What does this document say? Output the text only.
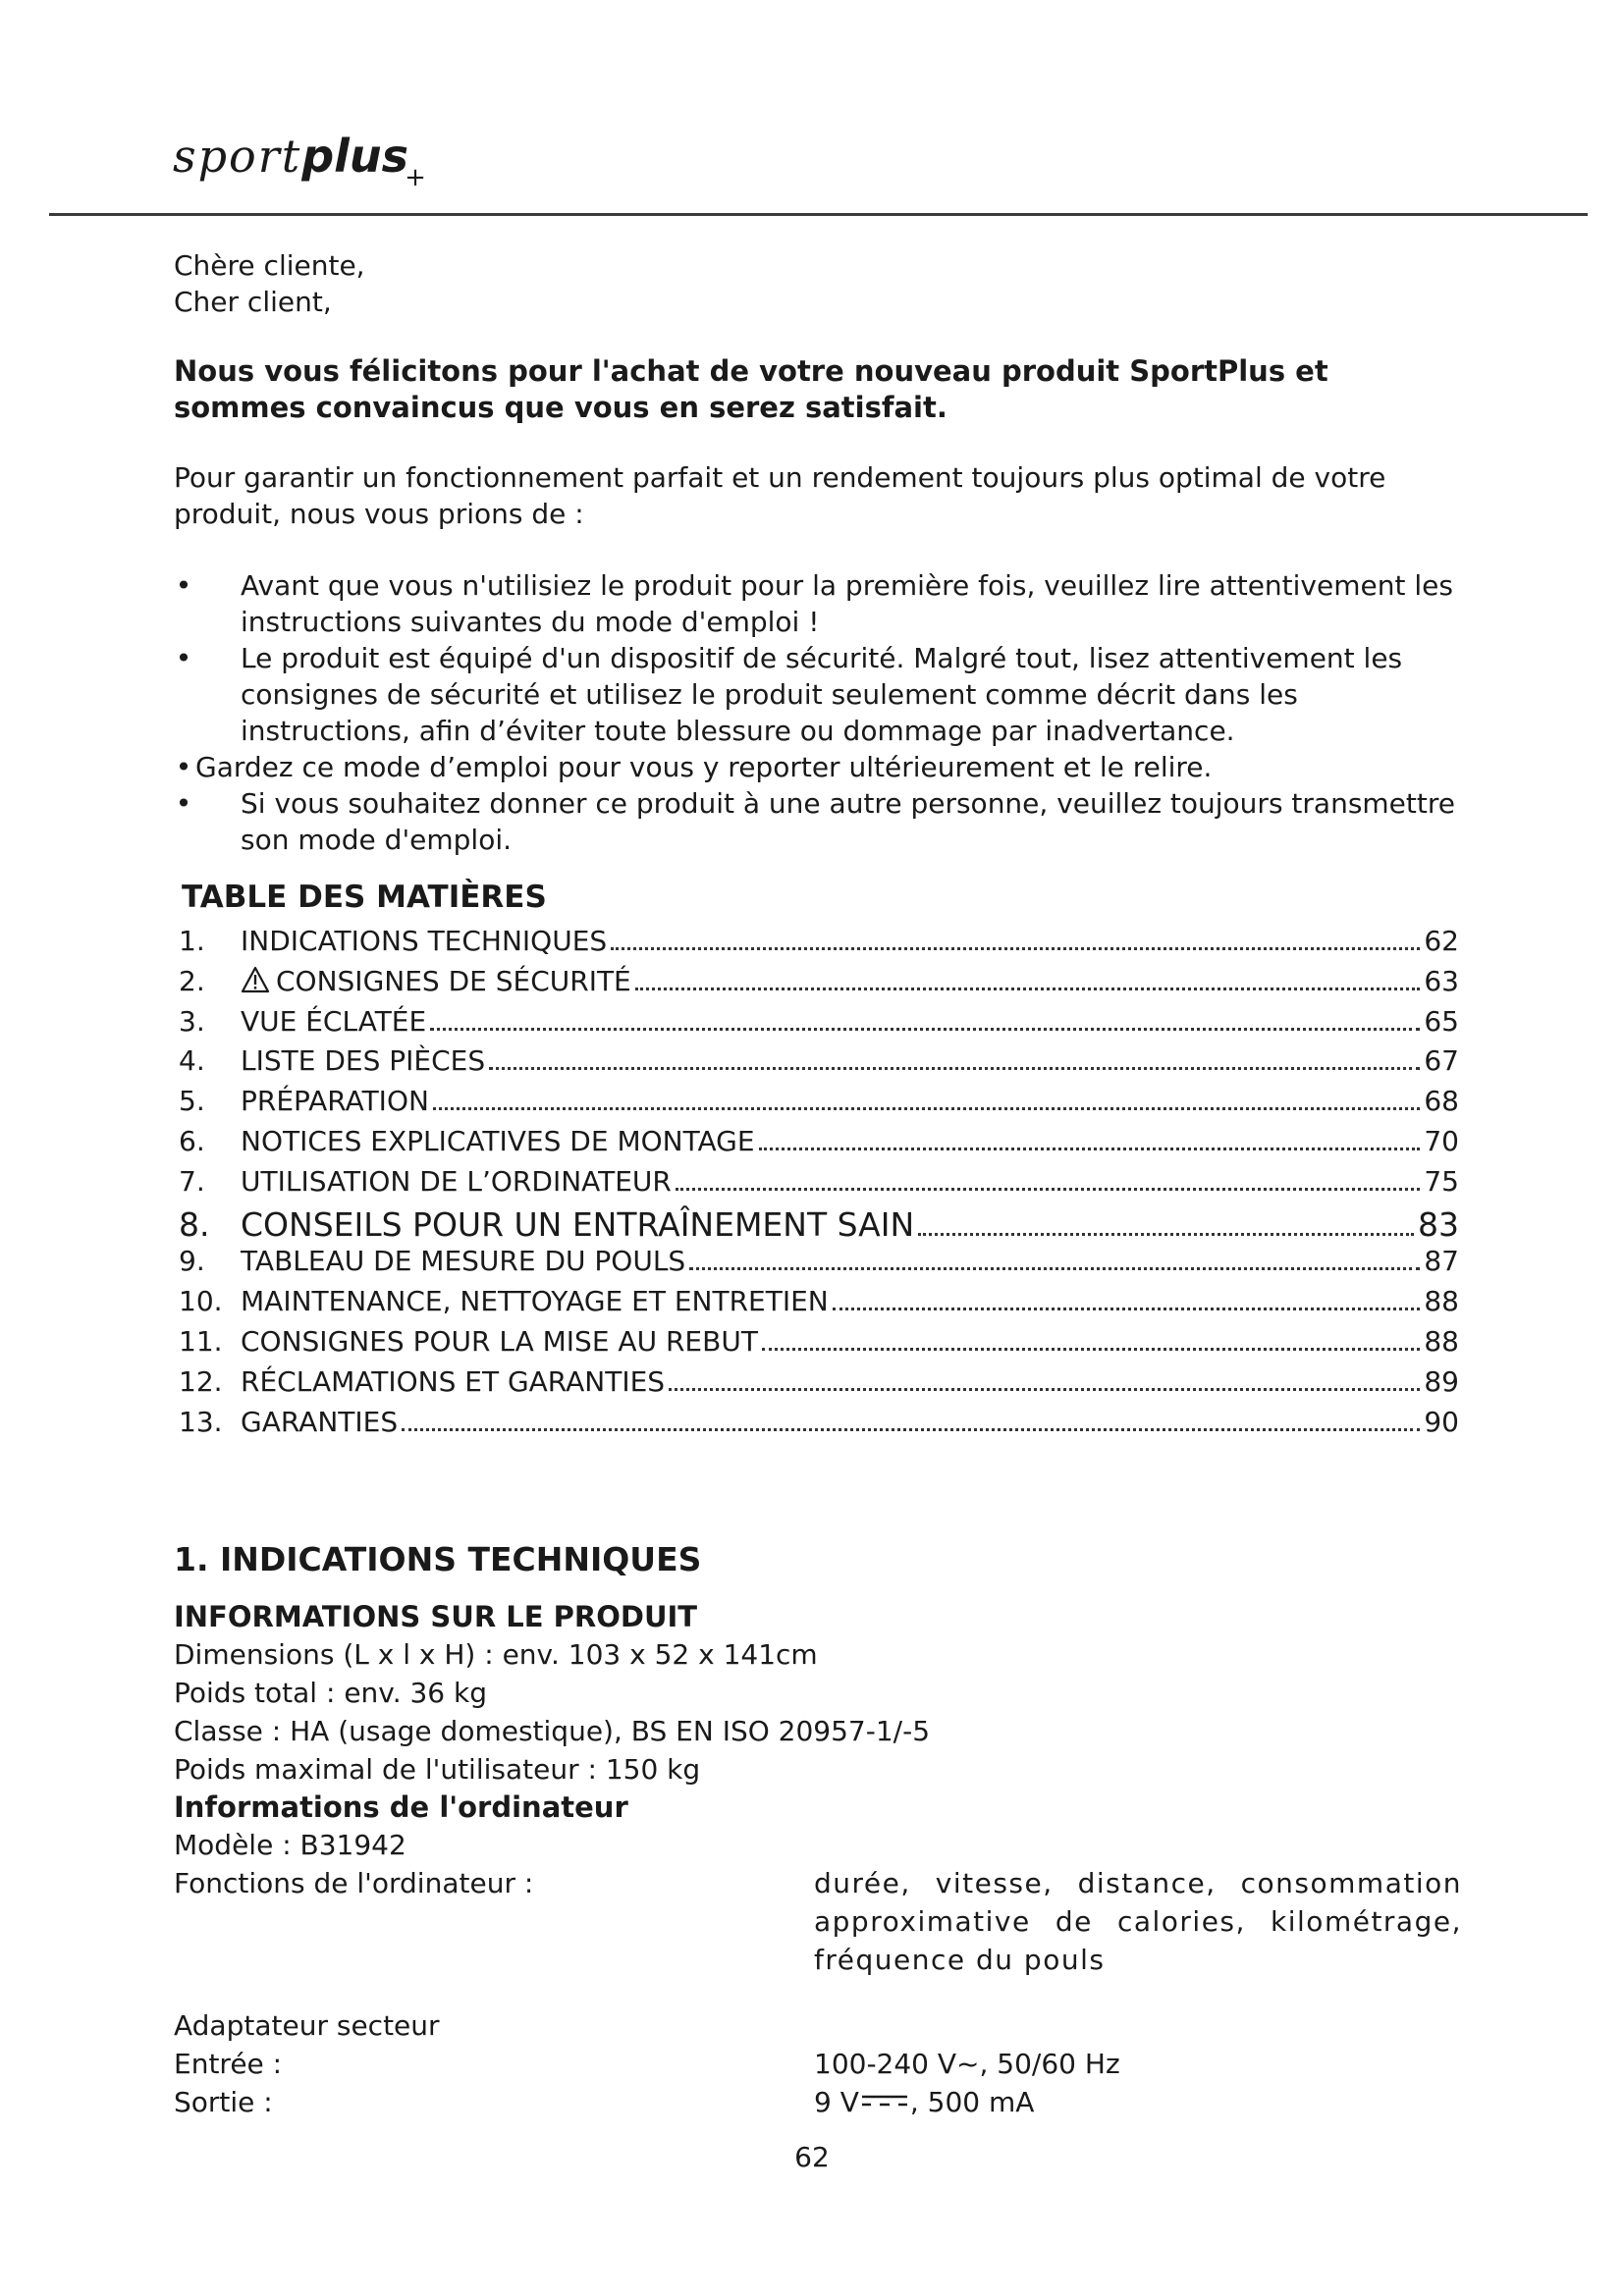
sportplus$_+$

Chère cliente,

Cher client,

Nous vous félicitons pour l'achat de votre nouveau produit SportPlus et sommes convaincus que vous en serez satisfait.

Pour garantir un fonctionnement parfait et un rendement toujours plus optimal de votre produit, nous vous prions de :

• Avant que vous n'utilisiez le produit pour la première fois, veuillez lire attentivement les instructions suivantes du mode d'emploi !
• Le produit est équipé d'un dispositif de sécurité. Malgré tout, lisez attentivement les consignes de sécurité et utilisez le produit seulement comme décrit dans les instructions, afin d’éviter toute blessure ou dommage par inadvertance.
• Gardez ce mode d’emploi pour vous y reporter ultérieurement et le relire.
• Si vous souhaitez donner ce produit à une autre personne, veuillez toujours transmettre son mode d'emploi.
TABLE DES MATIÈRES
1.	INDICATIONS TECHNIQUES	62
2.	CONSIGNES DE SÉCURITÉ	63
3.	VUE ÉCLATÉE	65
4.	LISTE DES PIÈCES	67
5.	PRÉPARATION	68
6.	NOTICES EXPLICATIVES DE MONTAGE	70
7.	UTILISATION DE L’ORDINATEUR	75
8. CONSEILS POUR UN ENTRAÎNEMENT SAIN	83
9.	TABLEAU DE MESURE DU POULS	87
10. MAINTENANCE, NETTOYAGE ET ENTRETIEN	88
11. CONSIGNES POUR LA MISE AU REBUT	88
12. RÉCLAMATIONS ET GARANTIES	89
13. GARANTIES	90
1. INDICATIONS TECHNIQUES

INFORMATIONS SUR LE PRODUIT

Dimensions (L x l x H) : env. 103 x 52 x 141cm

Poids total : env. 36 kg

Classe : HA (usage domestique), BS EN ISO 20957-1/-5

Poids maximal de l'utilisateur : 150 kg

Informations de l'ordinateur

Modèle : B31942

Fonctions de l'ordinateur :	durée, vitesse, distance, consommation approximative de calories, kilométrage, fréquence du pouls

Adaptateur secteur

Entrée :	100-240 V~, 50/60 Hz
Sortie :	9 V , 500 mA
62
